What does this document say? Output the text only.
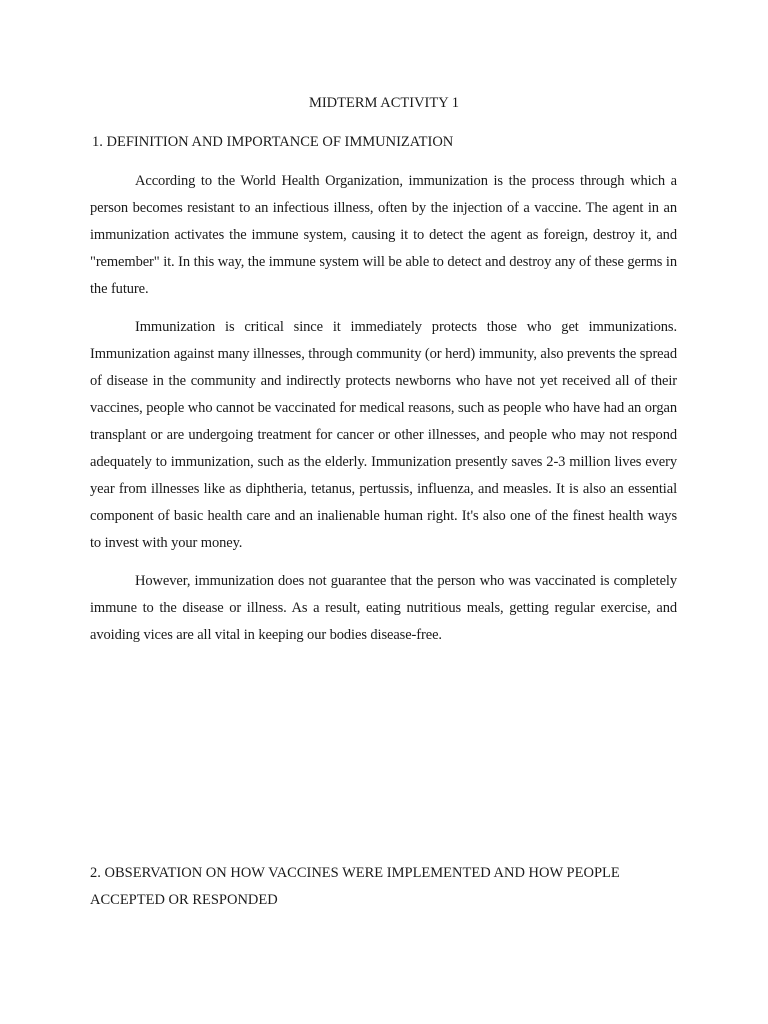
MIDTERM ACTIVITY 1
1. DEFINITION AND IMPORTANCE OF IMMUNIZATION

According to the World Health Organization, immunization is the process through which a person becomes resistant to an infectious illness, often by the injection of a vaccine. The agent in an immunization activates the immune system, causing it to detect the agent as foreign, destroy it, and "remember" it. In this way, the immune system will be able to detect and destroy any of these germs in the future.

Immunization is critical since it immediately protects those who get immunizations. Immunization against many illnesses, through community (or herd) immunity, also prevents the spread of disease in the community and indirectly protects newborns who have not yet received all of their vaccines, people who cannot be vaccinated for medical reasons, such as people who have had an organ transplant or are undergoing treatment for cancer or other illnesses, and people who may not respond adequately to immunization, such as the elderly. Immunization presently saves 2-3 million lives every year from illnesses like as diphtheria, tetanus, pertussis, influenza, and measles. It is also an essential component of basic health care and an inalienable human right. It's also one of the finest health ways to invest with your money.

However, immunization does not guarantee that the person who was vaccinated is completely immune to the disease or illness. As a result, eating nutritious meals, getting regular exercise, and avoiding vices are all vital in keeping our bodies disease-free.

2. OBSERVATION ON HOW VACCINES WERE IMPLEMENTED AND HOW PEOPLE ACCEPTED OR RESPONDED
